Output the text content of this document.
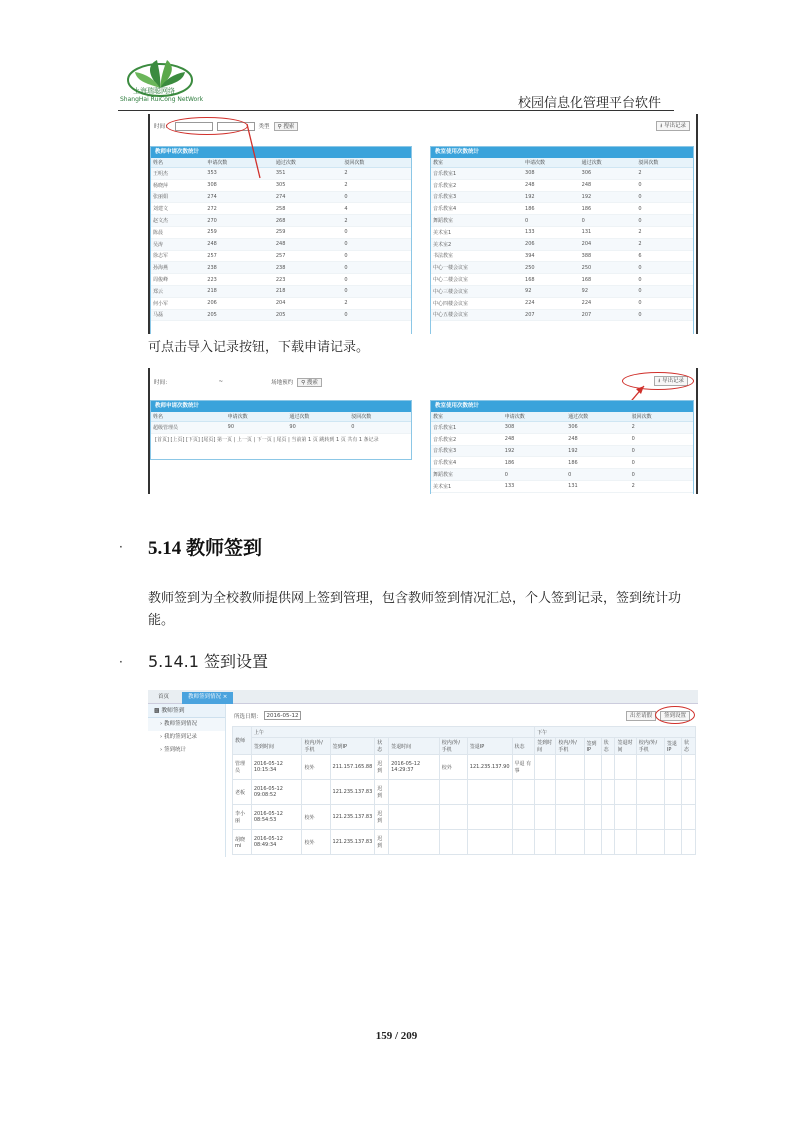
上海瑞聪网络
ShangHai RuiCong NetWork	校园信息化管理平台软件
时间：	类型	⚲ 搜索	⭳ 导出记录
教师申请次数统计
姓名	申请次数	通过次数	驳回次数
王明杰	353	351	2
杨晓萍	308	305	2
张丽娟	274	274	0
刘建文	272	258	4
赵文杰	270	268	2
陈晨	259	259	0
吴涛	248	248	0
徐志军	257	257	0
孙海燕	238	238	0
周俊峰	223	223	0
郑云	218	218	0
何小军	206	204	2
马磊	205	205	0
教室使用次数统计
教室	申请次数	通过次数	驳回次数
音乐教室1	308	306	2
音乐教室2	248	248	0
音乐教室3	192	192	0
音乐教室4	186	186	0
舞蹈教室	0	0	0
美术室1	133	131	2
美术室2	206	204	2
书法教室	394	388	6
中心一楼会议室	250	250	0
中心二楼会议室	168	168	0
中心三楼会议室	92	92	0
中心四楼会议室	224	224	0
中心五楼会议室	207	207	0
可点击导入记录按钮，下载申请记录。
时间：	~	场地预约	⚲ 搜索	⭳ 导出记录
教师申请次数统计
姓名	申请次数	通过次数	驳回次数
超级管理员	90	90	0
[首页] [上页] [下页] [尾页] 第一页 | 上一页 | 下一页 | 尾页 | 当前第 1 页 跳转到 1 页 共有 1 条记录
教室使用次数统计
教室	申请次数	通过次数	驳回次数
音乐教室1	308	306	2
音乐教室2	248	248	0
音乐教室3	192	192	0
音乐教室4	186	186	0
舞蹈教室	0	0	0
美术室1	133	131	2
· 5.14 教师签到
教师签到为全校教师提供网上签到管理，包含教师签到情况汇总，个人签到记录，签到统计功能。
· 5.14.1 签到设置
首页	教师签到情况 ×
▩ 教师签到
› 教师签到情况
› 我的签到记录
› 签到统计
所选日期： 2016-05-12	出差请假	签到设置
教师	上午								下午							
	签到时间	校内/外/手机	签到IP	状态	签退时间	校内/外/手机	签退IP	状态	签到时间	校内/外/手机	签到IP	状态	签退时间	校内/外/手机	签退IP	状态
管理员	2016-05-12 10:15:34	校外	211.157.165.88	迟到	2016-05-12 14:29:37	校外	121.235.137.90	早退 有事								
老板	2016-05-12 09:08:52		121.235.137.83	迟到												
李小丽	2016-05-12 08:54:53	校外	121.235.137.83	迟到												
胡晓mi	2016-05-12 08:49:34	校外	121.235.137.83	迟到												
159 / 209
